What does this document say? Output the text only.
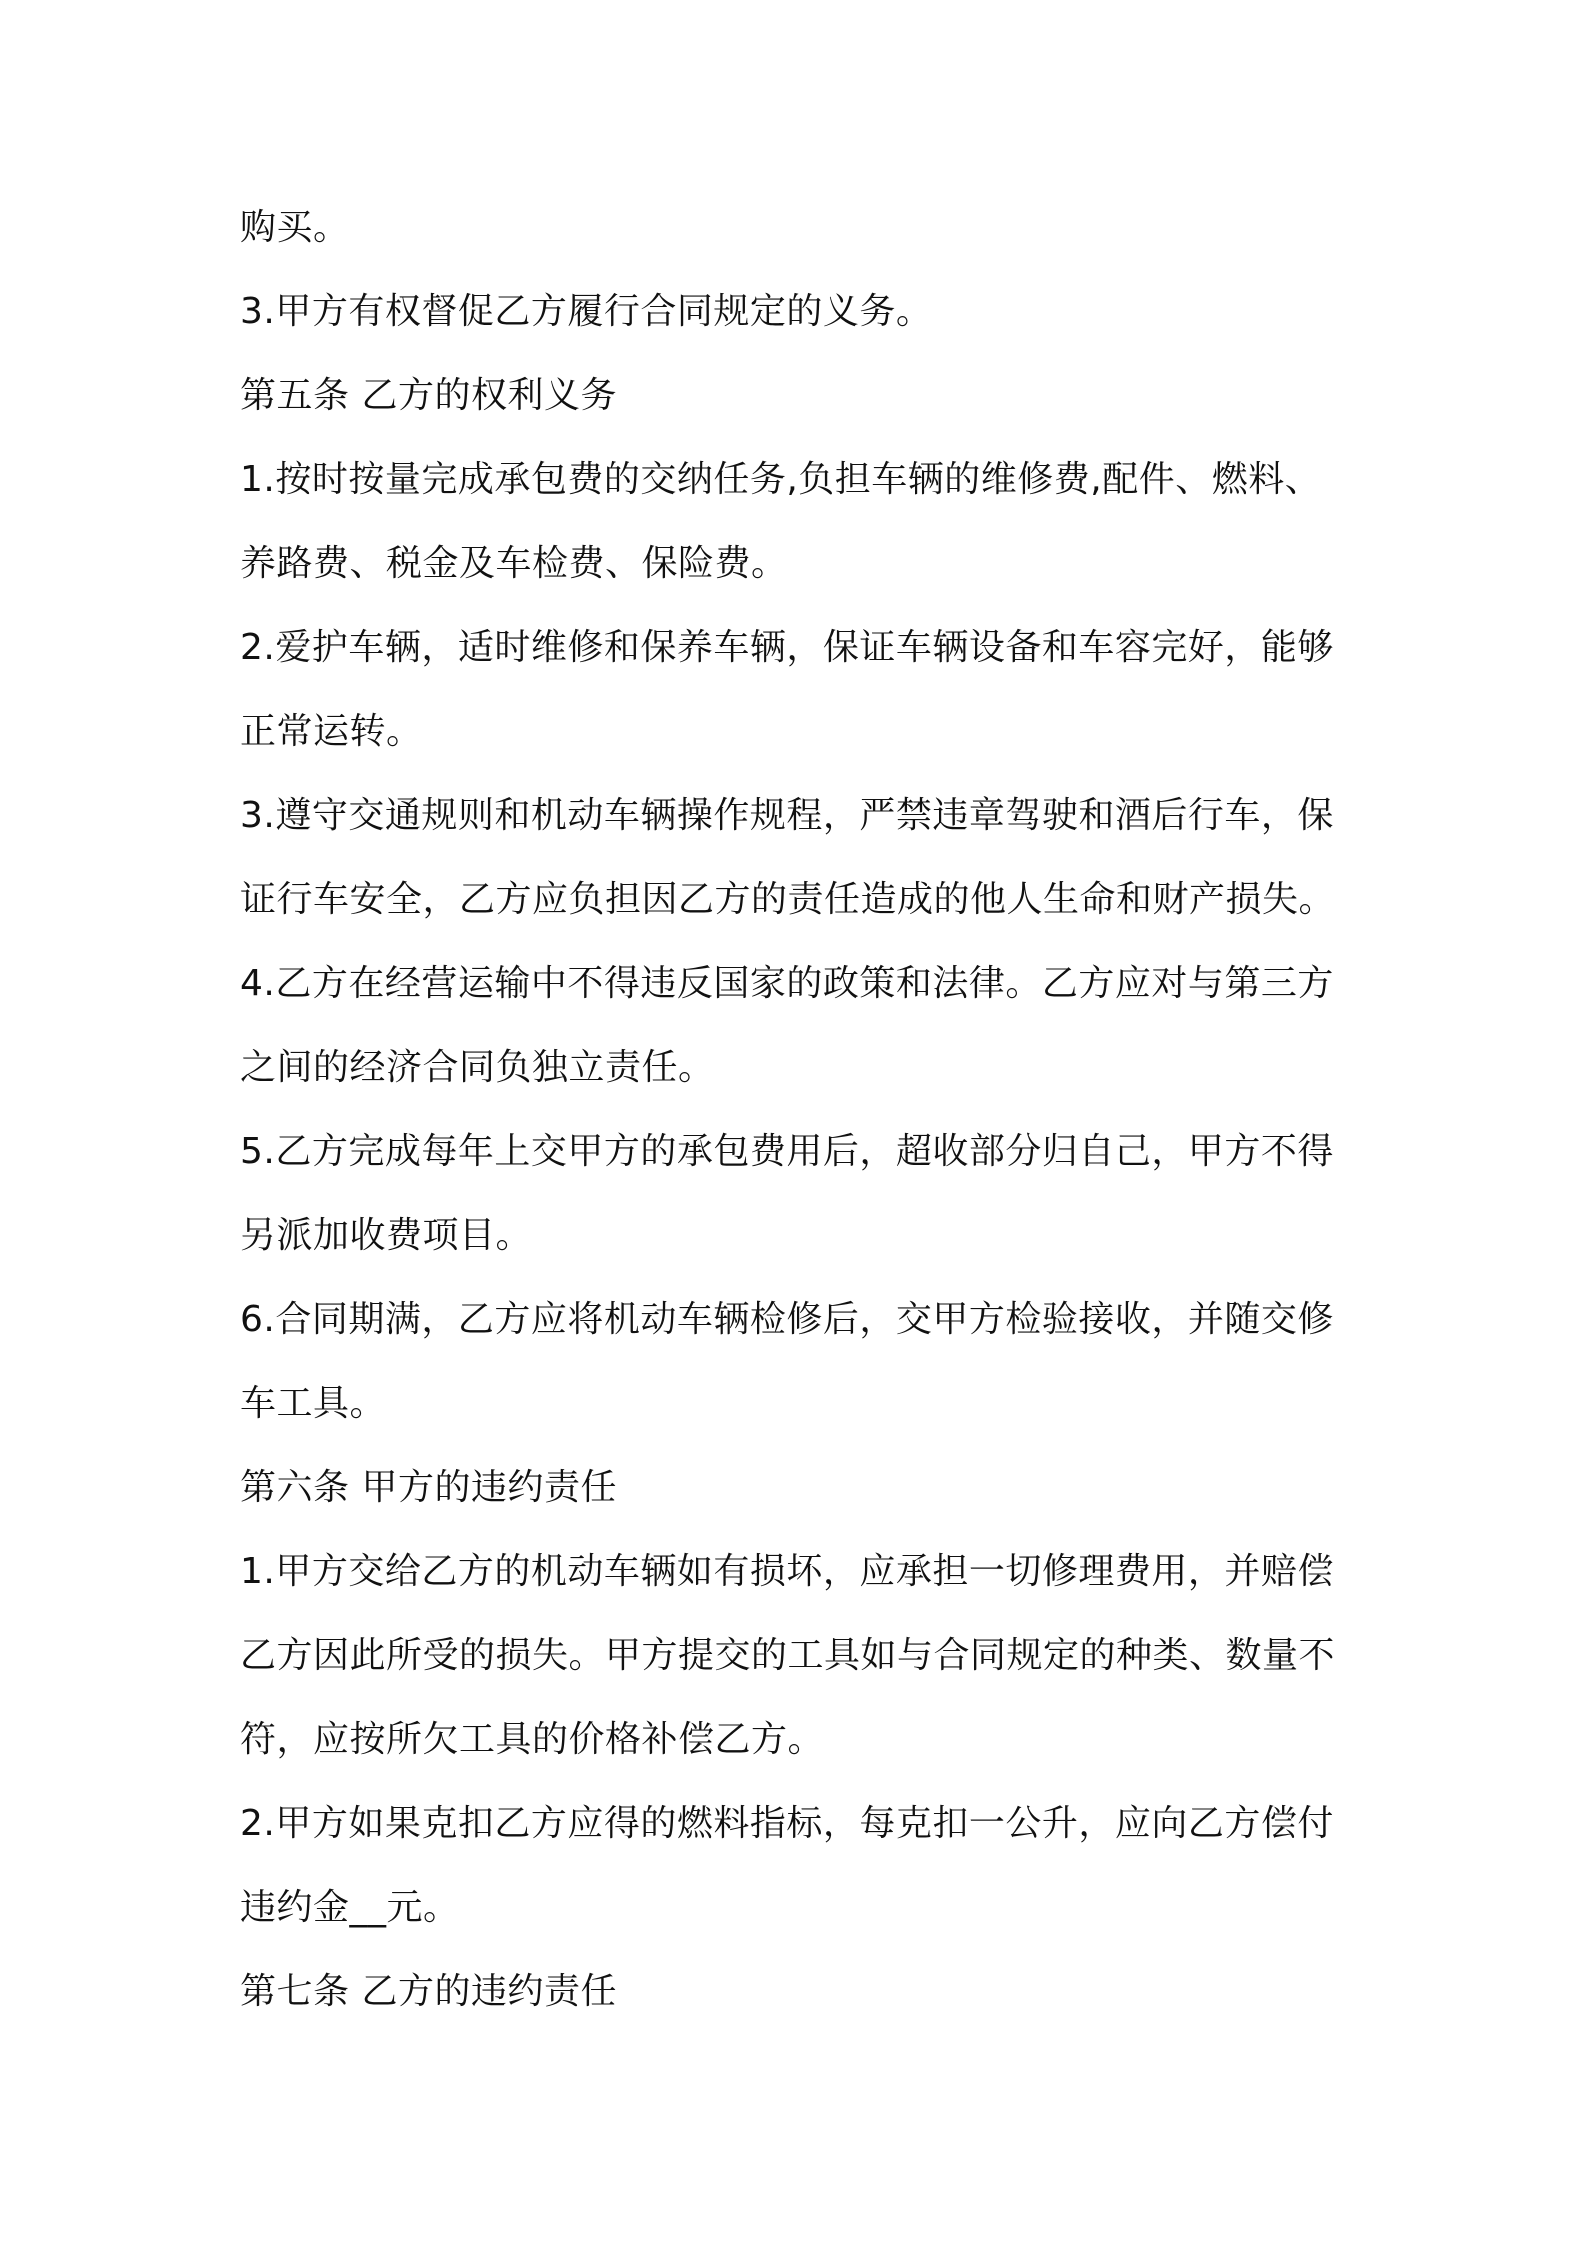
购买。
3.甲方有权督促乙方履行合同规定的义务。
第五条 乙方的权利义务
1.按时按量完成承包费的交纳任务,负担车辆的维修费,配件、燃料、
养路费、税金及车检费、保险费。
2.爱护车辆，适时维修和保养车辆，保证车辆设备和车容完好，能够
正常运转。
3.遵守交通规则和机动车辆操作规程，严禁违章驾驶和酒后行车，保
证行车安全，乙方应负担因乙方的责任造成的他人生命和财产损失。
4.乙方在经营运输中不得违反国家的政策和法律。乙方应对与第三方
之间的经济合同负独立责任。
5.乙方完成每年上交甲方的承包费用后，超收部分归自己，甲方不得
另派加收费项目。
6.合同期满，乙方应将机动车辆检修后，交甲方检验接收，并随交修
车工具。
第六条 甲方的违约责任
1.甲方交给乙方的机动车辆如有损坏，应承担一切修理费用，并赔偿
乙方因此所受的损失。甲方提交的工具如与合同规定的种类、数量不
符，应按所欠工具的价格补偿乙方。
2.甲方如果克扣乙方应得的燃料指标，每克扣一公升，应向乙方偿付
违约金__元。
第七条 乙方的违约责任
